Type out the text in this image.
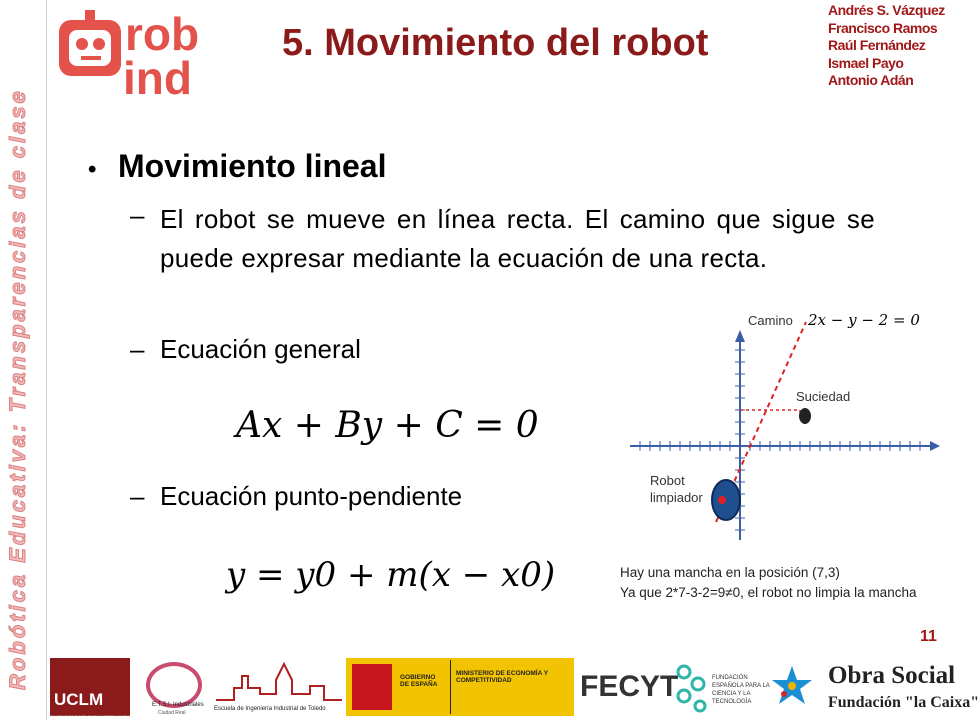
Robótica Educativa: Transparencias de clase
rob
ind
5. Movimiento del robot
Andrés S. Vázquez
Francisco Ramos
Raúl Fernández
Ismael Payo
Antonio Adán
• Movimiento lineal
– El robot se mueve en línea recta. El camino que sigue se puede expresar mediante la ecuación de una recta.
– Ecuación general
Ax + By + C = 0
– Ecuación punto-pendiente
y = y0 + m(x − x0)
Camino 2x − y − 2 = 0
Suciedad
Robot
limpiador
Hay una mancha en la posición (7,3)
Ya que 2*7-3-2=9≠0, el robot no limpia la mancha
11
UCLM
CAMPUS DE EXCELENCIA INTERNACIONAL
E.T.S.I. Industriales
Ciudad Real
Escuela de Ingeniería Industrial de Toledo
GOBIERNO DE ESPAÑA
MINISTERIO DE ECONOMÍA Y COMPETITIVIDAD	FECYT	FUNDACIÓN ESPAÑOLA PARA LA CIENCIA Y LA TECNOLOGÍA
Obra Social
Fundación "la Caixa"
